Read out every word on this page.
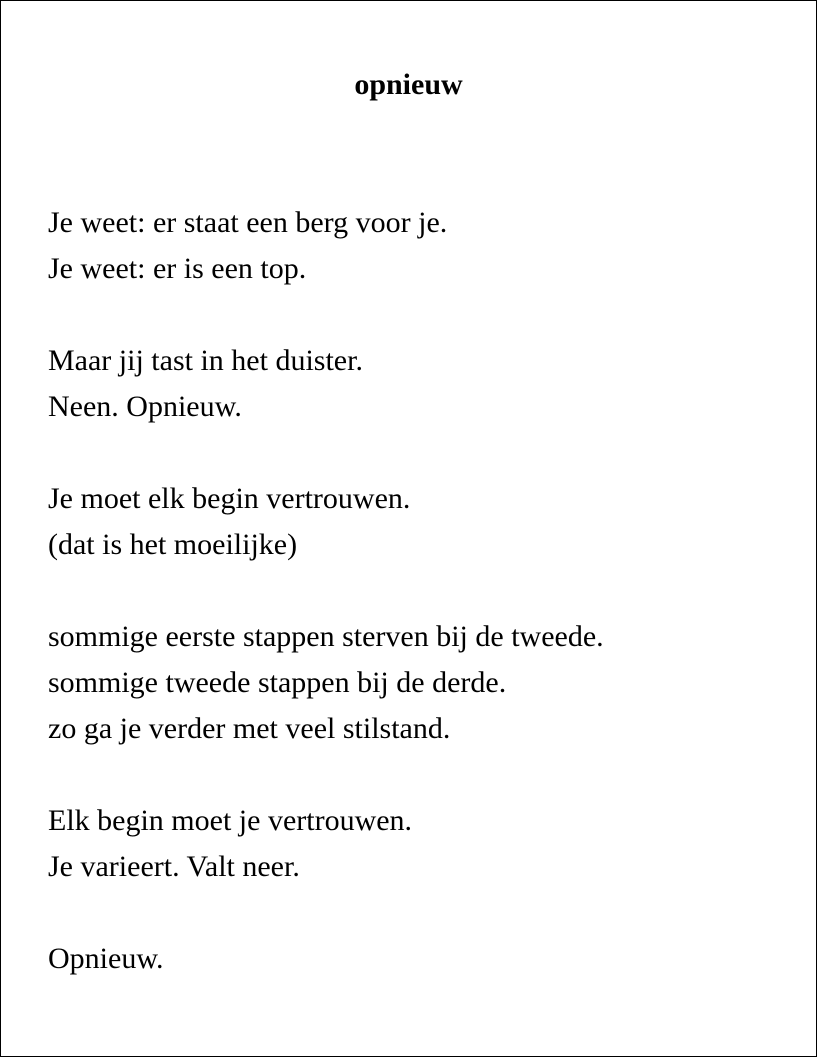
opnieuw
Je weet: er staat een berg voor je.
Je weet: er is een top.
Maar jij tast in het duister.
Neen. Opnieuw.
Je moet elk begin vertrouwen.
(dat is het moeilijke)
sommige eerste stappen sterven bij de tweede.
sommige tweede stappen bij de derde.
zo ga je verder met veel stilstand.
Elk begin moet je vertrouwen.
Je varieert. Valt neer.
Opnieuw.
